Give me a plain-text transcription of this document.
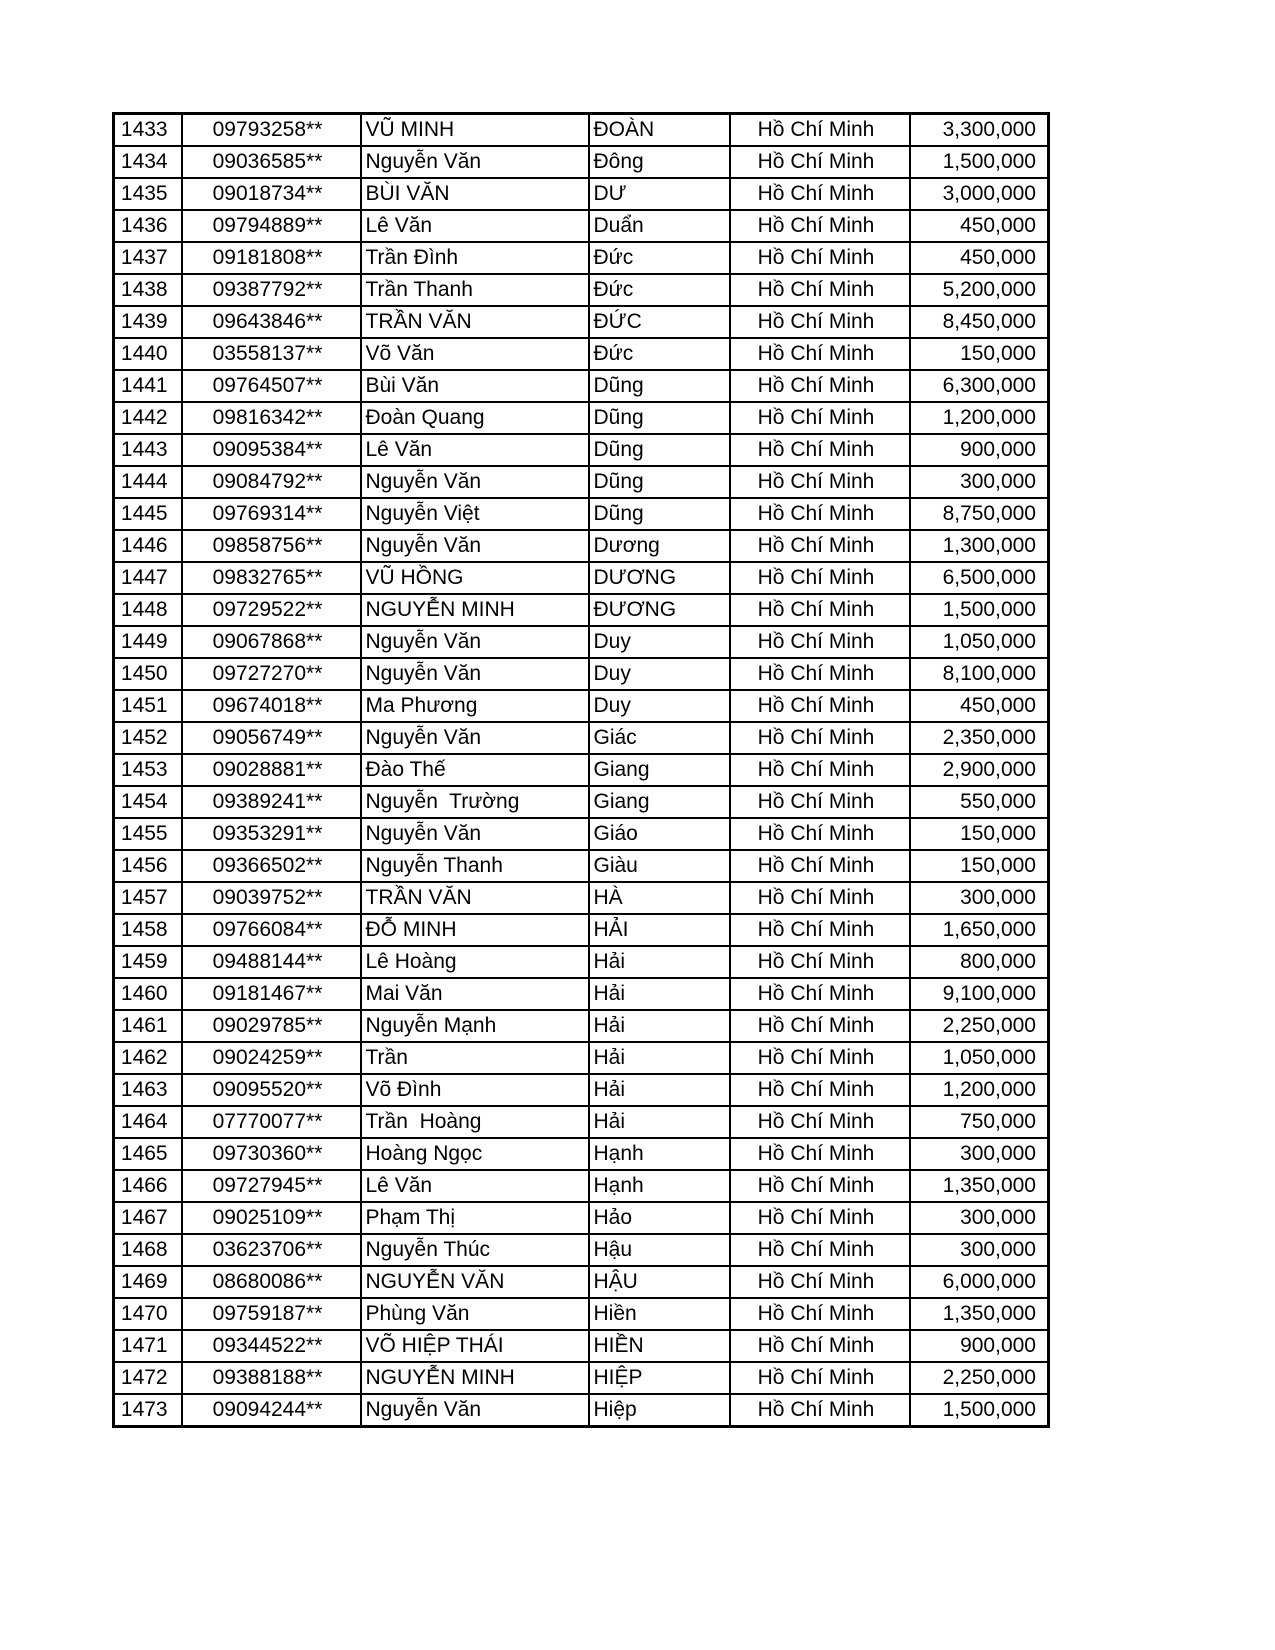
1433	09793258**	VŨ MINH	ĐOÀN	Hồ Chí Minh	3,300,000
1434	09036585**	Nguyễn Văn	Đông	Hồ Chí Minh	1,500,000
1435	09018734**	BÙI VĂN	DƯ	Hồ Chí Minh	3,000,000
1436	09794889**	Lê Văn	Duẩn	Hồ Chí Minh	450,000
1437	09181808**	Trần Đình	Đức	Hồ Chí Minh	450,000
1438	09387792**	Trần Thanh	Đức	Hồ Chí Minh	5,200,000
1439	09643846**	TRẦN VĂN	ĐỨC	Hồ Chí Minh	8,450,000
1440	03558137**	Võ Văn	Đức	Hồ Chí Minh	150,000
1441	09764507**	Bùi Văn	Dũng	Hồ Chí Minh	6,300,000
1442	09816342**	Đoàn Quang	Dũng	Hồ Chí Minh	1,200,000
1443	09095384**	Lê Văn	Dũng	Hồ Chí Minh	900,000
1444	09084792**	Nguyễn Văn	Dũng	Hồ Chí Minh	300,000
1445	09769314**	Nguyễn Việt	Dũng	Hồ Chí Minh	8,750,000
1446	09858756**	Nguyễn Văn	Dương	Hồ Chí Minh	1,300,000
1447	09832765**	VŨ HỒNG	DƯƠNG	Hồ Chí Minh	6,500,000
1448	09729522**	NGUYỄN MINH	ĐƯƠNG	Hồ Chí Minh	1,500,000
1449	09067868**	Nguyễn Văn	Duy	Hồ Chí Minh	1,050,000
1450	09727270**	Nguyễn Văn	Duy	Hồ Chí Minh	8,100,000
1451	09674018**	Ma Phương	Duy	Hồ Chí Minh	450,000
1452	09056749**	Nguyễn Văn	Giác	Hồ Chí Minh	2,350,000
1453	09028881**	Đào Thế	Giang	Hồ Chí Minh	2,900,000
1454	09389241**	Nguyễn  Trường	Giang	Hồ Chí Minh	550,000
1455	09353291**	Nguyễn Văn	Giáo	Hồ Chí Minh	150,000
1456	09366502**	Nguyễn Thanh	Giàu	Hồ Chí Minh	150,000
1457	09039752**	TRẦN VĂN	HÀ	Hồ Chí Minh	300,000
1458	09766084**	ĐỖ MINH	HẢI	Hồ Chí Minh	1,650,000
1459	09488144**	Lê Hoàng	Hải	Hồ Chí Minh	800,000
1460	09181467**	Mai Văn	Hải	Hồ Chí Minh	9,100,000
1461	09029785**	Nguyễn Mạnh	Hải	Hồ Chí Minh	2,250,000
1462	09024259**	Trần	Hải	Hồ Chí Minh	1,050,000
1463	09095520**	Võ Đình	Hải	Hồ Chí Minh	1,200,000
1464	07770077**	Trần  Hoàng	Hải	Hồ Chí Minh	750,000
1465	09730360**	Hoàng Ngọc	Hạnh	Hồ Chí Minh	300,000
1466	09727945**	Lê Văn	Hạnh	Hồ Chí Minh	1,350,000
1467	09025109**	Phạm Thị	Hảo	Hồ Chí Minh	300,000
1468	03623706**	Nguyễn Thúc	Hậu	Hồ Chí Minh	300,000
1469	08680086**	NGUYỄN VĂN	HẬU	Hồ Chí Minh	6,000,000
1470	09759187**	Phùng Văn	Hiền	Hồ Chí Minh	1,350,000
1471	09344522**	VÕ HIỆP THÁI	HIỀN	Hồ Chí Minh	900,000
1472	09388188**	NGUYỄN MINH	HIỆP	Hồ Chí Minh	2,250,000
1473	09094244**	Nguyễn Văn	Hiệp	Hồ Chí Minh	1,500,000
